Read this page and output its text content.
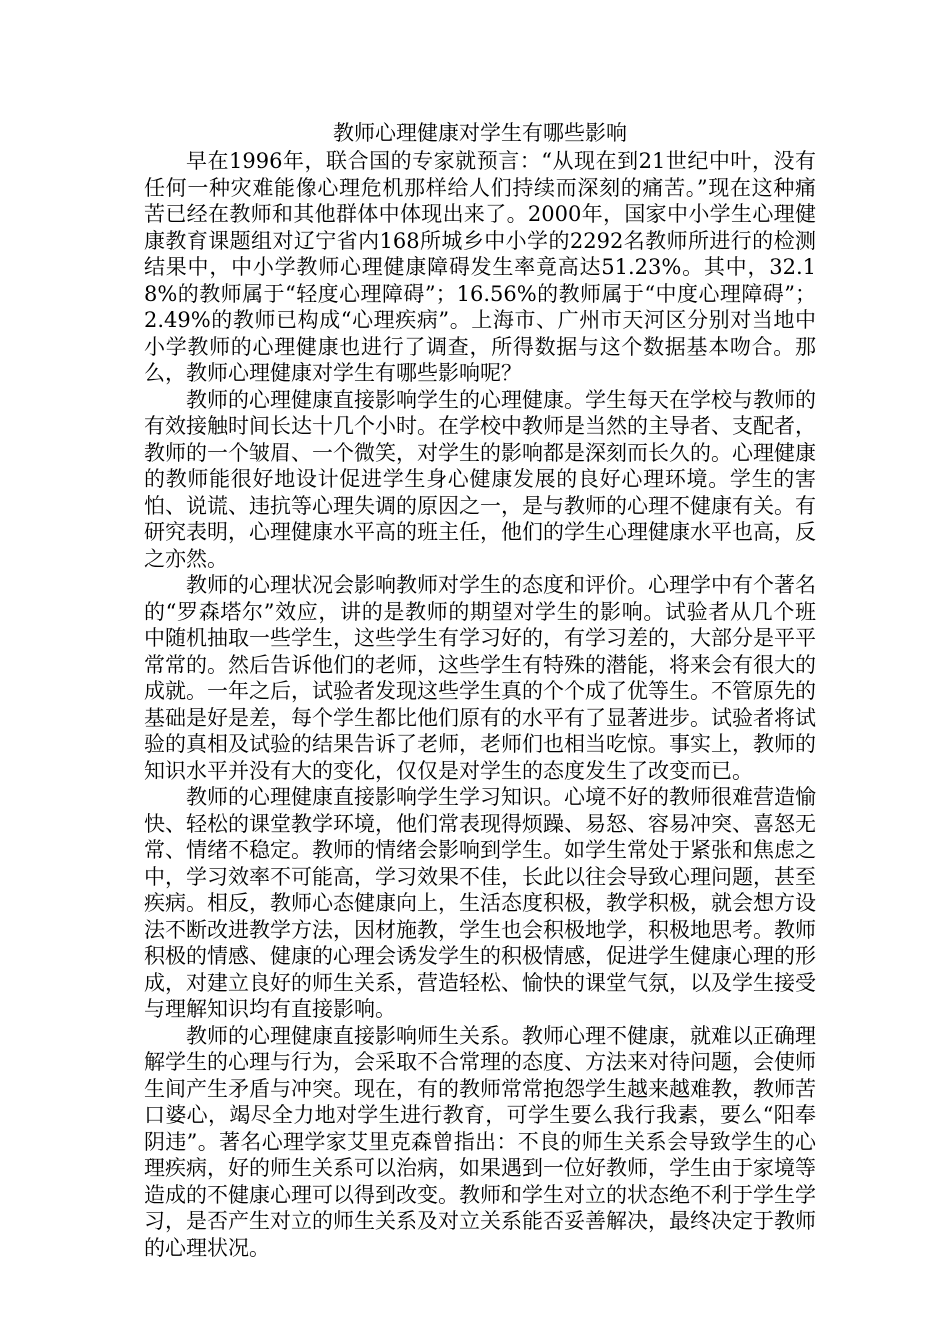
教师心理健康对学生有哪些影响

早在1996年，联合国的专家就预言：“从现在到21世纪中叶，没有任何一种灾难能像心理危机那样给人们持续而深刻的痛苦。”现在这种痛苦已经在教师和其他群体中体现出来了。2000年，国家中小学生心理健康教育课题组对辽宁省内168所城乡中小学的2292名教师所进行的检测结果中，中小学教师心理健康障碍发生率竟高达51.23%。其中，32.18%的教师属于“轻度心理障碍”；16.56%的教师属于“中度心理障碍”；2.49%的教师已构成“心理疾病”。上海市、广州市天河区分别对当地中小学教师的心理健康也进行了调查，所得数据与这个数据基本吻合。那么，教师心理健康对学生有哪些影响呢？

教师的心理健康直接影响学生的心理健康。学生每天在学校与教师的有效接触时间长达十几个小时。在学校中教师是当然的主导者、支配者，教师的一个皱眉、一个微笑，对学生的影响都是深刻而长久的。心理健康的教师能很好地设计促进学生身心健康发展的良好心理环境。学生的害怕、说谎、违抗等心理失调的原因之一，是与教师的心理不健康有关。有研究表明，心理健康水平高的班主任，他们的学生心理健康水平也高，反之亦然。

教师的心理状况会影响教师对学生的态度和评价。心理学中有个著名的“罗森塔尔”效应，讲的是教师的期望对学生的影响。试验者从几个班中随机抽取一些学生，这些学生有学习好的，有学习差的，大部分是平平常常的。然后告诉他们的老师，这些学生有特殊的潜能，将来会有很大的成就。一年之后，试验者发现这些学生真的个个成了优等生。不管原先的基础是好是差，每个学生都比他们原有的水平有了显著进步。试验者将试验的真相及试验的结果告诉了老师，老师们也相当吃惊。事实上，教师的知识水平并没有大的变化，仅仅是对学生的态度发生了改变而已。

教师的心理健康直接影响学生学习知识。心境不好的教师很难营造愉快、轻松的课堂教学环境，他们常表现得烦躁、易怒、容易冲突、喜怒无常、情绪不稳定。教师的情绪会影响到学生。如学生常处于紧张和焦虑之中，学习效率不可能高，学习效果不佳，长此以往会导致心理问题，甚至疾病。相反，教师心态健康向上，生活态度积极，教学积极，就会想方设法不断改进教学方法，因材施教，学生也会积极地学，积极地思考。教师积极的情感、健康的心理会诱发学生的积极情感，促进学生健康心理的形成，对建立良好的师生关系，营造轻松、愉快的课堂气氛，以及学生接受与理解知识均有直接影响。

教师的心理健康直接影响师生关系。教师心理不健康，就难以正确理解学生的心理与行为，会采取不合常理的态度、方法来对待问题，会使师生间产生矛盾与冲突。现在，有的教师常常抱怨学生越来越难教，教师苦口婆心，竭尽全力地对学生进行教育，可学生要么我行我素，要么“阳奉阴违”。著名心理学家艾里克森曾指出：不良的师生关系会导致学生的心理疾病，好的师生关系可以治病，如果遇到一位好教师，学生由于家境等造成的不健康心理可以得到改变。教师和学生对立的状态绝不利于学生学习，是否产生对立的师生关系及对立关系能否妥善解决，最终决定于教师的心理状况。
